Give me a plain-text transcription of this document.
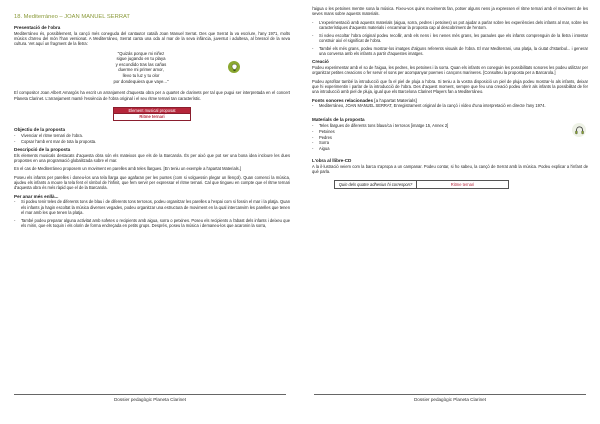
18. Mediterráneo – JOAN MANUEL SERRAT
Presentació de l'obra

Mediterráneo és, possiblement, la cançó més coneguda del cantautor català Joan Manuel Serrat. Des que Serrat la va escriure, l'any 1971, molts músics d'arreu del món l'han versionat. A Mediterráneo, Serrat canta una oda al mar de la seva infància, juventut i adultesa, al bressol de la seva cultura. Vet aquí un fragment de la lletra:

"Quizás porque mi niñez
sigue jugando en tu playa
y escondido tras las cañas
duerme mi primer amor,
llevo tu luz y tu olor
por dondequiera que vaye..."

El compositor Joan Albert Amargós ha escrit un arranjament d'aquesta obra per a quartet de clarinets per tal que pugui ser interpretada en el concert Planeta Clarinet. L'arranjament manté l'essència de l'obra original i el seu ritme ternari tan característic.

Element musical proposat
Ritme ternari
Objectiu de la proposta
- Vivenciar el ritme ternari de l'obra.
- Copsar l'amb ent mar de tota la proposta.
Descripció de la proposta

Els elements musicals destacats d'aquesta obra són els mateixos que els de la Barcarola. És per això que pot ser una bona idea incloure les dues propostes en una programació globalitzada sobre el mar.

En el cas de Mediterráneo proposem un moviment en parelles amb teles llargues. [En teniu un exemple a l'apartat Materials.]

Poseu els infants per parelles i doneu-los una tela llarga que agafaran per les puntes (com si volguessin plegar un llençol). Quan comenci la música, ajudeu els infants a moure la tela fent el símbol de l'infinit, que fem servir per expressar el ritme ternari. Cal que tingueu en compte que el ritme ternari d'aquesta obra és més ràpid que el de la Barcarola.

Per anar més enllà...
- Si podeu tenir teles de diferents tons de blau i de diferents tons terrosos, podeu organitzar les parelles a l'espai com si fossin el mar i la platja. Quan els infants ja hagin escoltat la música diverses vegades, podeu organitzar una estructura de moviment en la qual intercanviïn les parelles que tenen el mar amb les que tenen la platja.
- També podeu preparar alguna activitat amb sofetes o recipients amb aigua, sorra o petxines. Poseu els recipients a l'abast dels infants i deixeu que els mirin, que els toquin i els olorin de forma endreçada en petits grups. Després, poseu la música i demaneu-los que acaronin la sorra,
Dossier pedagògic Planeta Clarinet

l'aigua o les petxines mentre sona la música. Fixeu-vos quins moviments fan, potser alguns nens ja expressen el ritme ternari amb el moviment de les seves mans sobre aquests materials.

- L'experimentació amb aquests materials (aigua, sorra, pedres i petxines) us pot ajudar a parlar sobre les experiències dels infants al mar, sobre les característiques d'aquests materials i encaminar la proposta cap al descobriment de l'entorn.
- Si voleu escoltar l'obra original podeu recollir, amb els nens i les nenes més grans, les paraules que els infants comprenguin de la lletra i intentar construir així el significat de l'obra.
- També els més grans, podeu mostrar-los imatges d'alguns referents visuals de l'obra. El mar Mediterrani, una platja, la ciutat d'Istanbul... i generar una conversa amb els infants a partir d'aquestes imatges.
Creació

Podeu experimentar amb el so de l'aigua, les pedres, les petxines i la sorra. Quan els infants en coneguin les possibilitats sonores les podeu utilitzar per organitzar petites creacions o fer servir el sons per acompanyar poemes i cançons marineres. [Consulteu la proposta per a Barcarola.]

Podeu aprofitar també la introducció que fa el piel de pluja a l'obra. Si teniu a la vostra disposició un piel de pluja podeu mostrar-lo als infants, deixar que hi experimentin i parlar de la introducció de l'obra. Des d'aquest moment, sempre que feu una creació podeu oferir als infants la possibilitat de fer una introducció amb piel de pluja, igual que els Barcelona Clarinet Players fan a Mediterráneo.

Fonts sonores relacionades [a l'apartat Materials]
- Mediterráneo, JOAN MANUEL SERRAT, Enregistrament original de la cançó i vídeo d'una interpretació en directe l'any 1974.
Materials de la proposta
- Teles llargues de diferents tons blaus/ca i terrosos [imatge 15, Annex 2]
- Petxines
- Pedres
- Sorra
- Aigua
L'obra al llibre-CD

A la il·lustració veiem com la barca s'apropa a un campanar. Podeu contar, si ho sabeu, la cançó de Serrat amb la música. Podeu explicar a l'infant de què parla.

Quin dels quatre adhesius hi correspon?	Ritme ternari
Dossier pedagògic Planeta Clarinet
